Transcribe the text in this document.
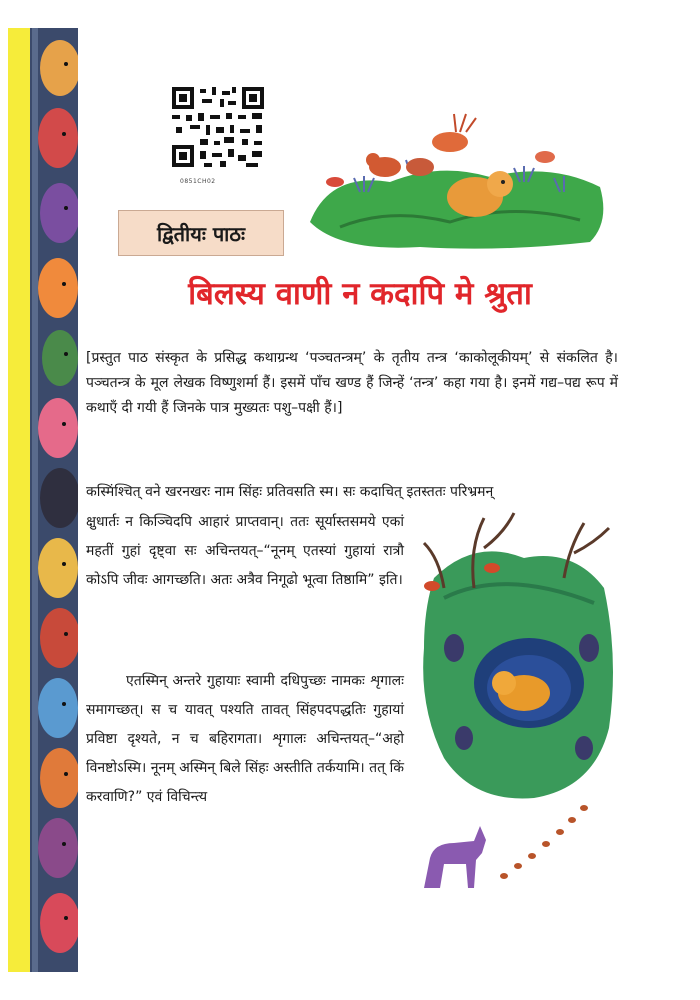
0851CH02
द्वितीयः पाठः
बिलस्य वाणी न कदापि मे श्रुता
[प्रस्तुत पाठ संस्कृत के प्रसिद्ध कथाग्रन्थ ‘पञ्चतन्त्रम्’ के तृतीय तन्त्र ‘काकोलूकीयम्’ से संकलित है। पञ्चतन्त्र के मूल लेखक विष्णुशर्मा हैं। इसमें पाँच खण्ड हैं जिन्हें ‘तन्त्र’ कहा गया है। इनमें गद्य–पद्य रूप में कथाएँ दी गयी हैं जिनके पात्र मुख्यतः पशु–पक्षी हैं।]
कस्मिंश्चित् वने खरनखरः नाम सिंहः प्रतिवसति स्म। सः कदाचित् इतस्ततः परिभ्रमन्
क्षुधार्तः न किञ्चिदपि आहारं प्राप्तवान्। ततः सूर्यास्तसमये एकां महतीं गुहां दृष्ट्वा सः अचिन्तयत्–“नूनम् एतस्यां गुहायां रात्रौ कोऽपि जीवः आगच्छति। अतः अत्रैव निगूढो भूत्वा तिष्ठामि” इति।
एतस्मिन् अन्तरे गुहायाः स्वामी दधिपुच्छः नामकः शृगालः समागच्छत्। स च यावत् पश्यति तावत् सिंहपदपद्धतिः गुहायां प्रविष्टा दृश्यते, न च बहिरागता। शृगालः अचिन्तयत्–“अहो विनष्टोऽस्मि। नूनम् अस्मिन् बिले सिंहः अस्तीति तर्कयामि। तत् किं करवाणि?” एवं विचिन्त्य
